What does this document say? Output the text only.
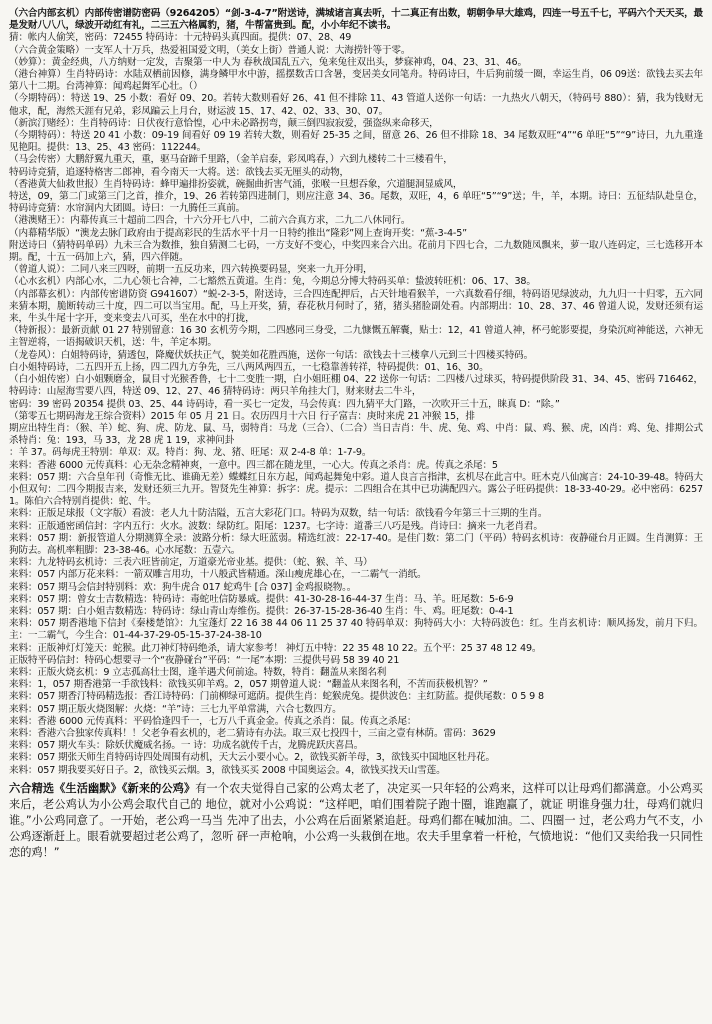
（六合内部玄机）内部传密谱防密码（9264205）“剑-3-4-7”附送诗，满城诸言真去听，十二真正有出数，朝朝争早大雄鸡，四连一号五千七，平码六个天天买，最是发财八八八，绿波开动红有礼，二三五六格属豹，猪，牛帮富贵到。配，小小年纪不读书。

猜：帐内人偷笑，密码：72455 特码诗：十元特码头真四面。提供：07、28、49

（六合黄金策略）一支军人十万兵，热爱祖国爱文明，（美女上街）普通人说：大海捞针等于零。

（妙算）：黄金经典，八方纳财一定发，吉聚第一中人为 春秋战国乱五六，兔来兔往双出头，梦寐神鸡，04、23、31、46。

（港台神算）生肖特码诗：水陆双栖前因修，满身鳞甲水中游，摇摆数舌口含暑，变居美女同笔舟。特码诗曰，牛后狗前缓一圈，幸运生肖，06 09送：欲钱去买去年第八十二期。台湾神算：闻鸡起舞军心壮。（）

（今期特码）：特送 19、25 小数：看好 09、20。若转大数则看好 26、41 但不排除 11、43 管道人送你一句话：一九热火八朝天，（特码号 880）：猜，我为钱财无他求，配，海然天涯有兄弟，彩凤蹁云上月台，财运波 15、17、42、02、33、30、07。

（新滨汀赌经）：生肖特码诗：日伏夜行意恰惶，心中未必路拐弯，颠三倒四寂寂爱，强盗纵来命移天，

（今期特码）：特送 20 41 小数：09-19 间看好 09 19 若转大数，则看好 25-35 之间，留意 26、26 但不排除 18、34 尾数双旺“4”“6 单旺“5”“9”诗曰，九九重逢见艳阳。提供：13、25、43 密码：112244。

（马会传密）大鹏舒翼九重天，重，驱马奋蹄千里路，（金羊启泰，彩凤鸣春，）六到九楼转二十三楼看牛，

特码诗竞猜，追逐特格害二郎神，看今南天一大将。送：欲钱去买无厘头的动物，

（香港黄大仙救世报）生肖特码诗：蜂甲遍排扮姿就，碗掘曲折害气涌，张喉一旦想吞象，穴道腿洞显威风，

特送，09，第二门或第三门之首，推介，19、26 若转第四进制门，则应注意 34、36。尾数，双旺，4，6 单旺“5”“9”送；牛，羊，本期。诗曰：五征结队赴皇仓，特码诗竞猜：水帘洞内大团圆。诗曰：一九腾任三真前。

（港澳赌王）：内幕传真三十超前二四合，十六分开七八中，二前六合真方求，二九二八休同行。

（内幕精华版）“澳龙去脉门政府由于提高彩民的生活水平十月一日特约推出“隆彩”网上查询开奖：“蕉-3-4-5”

附送诗曰（猜特码单码）九未三合为数推，独自猜测二七码，一方支好不变心，中奖四来合六出。花前月下四七合，二九数随凤飘来，萝一取八连码定，三七选移开本期。配，十五一码加上六，猜，四六伴随。

（曾道人说）：二同八来三四呀，前期一五反功来，四六转换要码显，突来一九开分明，

（心水玄机）内部心水，二九心领七合神，二七豁然五黄道。生肖：兔，今期总分博大特码买单：蛰波转旺机：06、17、38。

（内部幕玄机）：内部传密谱防资 G941607）“蜕-2-3-5，附送诗，三合四连配押后，占天针地看猴羊，一六真数看仔细，特码语见绿波动，九九归一十归零，五六同来猜本期，脆断转动三十度，四二可以当宝用。配，马上开奖，猜，春花秋月何时了，猪，猪头猪脸副处看。内部期出：10、28、37、46 曾道人说，发财还须有运来，牛头牛尾十字开，变来变去八可买，坐在水中的打拢，

（特新报）：最新贡献 01 27 特别留意：16 30 玄机劳今期，二四感同三身受，二九慷慨五解囊，贴士：12，41 曾道人神，杯弓蛇影要提，身染沉疴神能送，六神无主智逆将，一语揭破识天机，送：牛，羊定本期。

（龙卷风）：白姐特码诗，猜透包，降魔伏妖扶正气，貌美如花胜西施，送你一句话：欲钱去十三楼拿八元到三十四楼买特码。

白小姐特码诗，二五四开五上扬，四二四九方争先，三八两风两四五，一七稳靠善转祥，特码提供：01、16、30。

（白小姐传密）白小姐颗磨金，鼠目寸光猴香鲁，七十二变胜一期，白小姐旺棚 04、22 送你一句话：二四楼八过球买，特码提供阶段 31、34、45、密码 716462，特码诗：山屋海雪要八四，特送 09、12、27、46 猜特码诗：两只羊角挂大门，财来财去二牛斗，

密码：39 密码 20354 提供 03、25、44 诗码诗，看一买七一定发，马会传真：四九猜平大门路，一次吹开三十五，睐真 D：“除。”

（第零五七期码海龙王综合资料）2015 年 05 月 21 日。农历四月十六日 行子富吉：庚时来虎 21 冲猴 15，排

期应出特生肖：（猴、羊）蛇、狗、虎、防龙、鼠、马，弱特肖：马龙（三合）、（二合）当日吉肖：牛、虎、兔、鸡、中肖：鼠、鸡、猴、虎，凶肖：鸡、兔、排期公式杀特肖：兔：193，马 33，龙 28 虎 1 19，求神问卦

：羊 37。码每虎王特别：单双：双。特肖：狗、龙、猪、旺尾：双 2-4-8 单：1-7-9。

来料：香港 6000 元传真料：心无杂念精神爽，一意中。四三都在随龙里，一心大。传真之杀肖：虎。传真之杀尾：5

来料：057 期：六合皇年刊（奇惟无比、谁确无差）蝶蝶红日东方起，闻鸡起舞兔中彩。道人良言言指津，玄机尽在此言中。旺木克八仙寓言：24-10-39-48。特码大小但双句：二四今期报吉来，发财还须三九开。智贤先生神算：拆字：虎。提示：二四组合在其中已功满配四六。露公子旺码提供：18-33-40-29。必中密码：62571。陈伯六合特别肖提供：蛇、牛。

来料：正版足球报（文字版）看波：老人九十防洁隘，五言大彩花门口。特码为双数，结一句话：欲钱看今年第三十三期的生肖。

来料：正版通密函信封：字内五行：火水。波数：绿防红。阳尾：1237。七字诗：道番三八巧是残。肖诗曰：摘来一九老肖君。

来料：057 期：新报管道人分期测算全录：波路分析：绿大旺蓝弱。精选红波：22-17-40。是佳门数：第二门（平码）特码玄机诗：夜静碰台月正圆。生肖测算：王狗防去。高机率粗脚：23-38-46。心水尾数：五壹六。

来料：九龙特码玄机诗：三表六旺皆前定，万道豪光帝业基。提供：（蛇、猴、羊、马）

来料：057 内部万花来料：一箭双雕言用功，十八般武皆精通。深山瘦虎雄心在，一二霸气一消纸。

来料：057 期马会信封特别料：欢：狗牛虎合 017 蛇鸡牛 [合 037] 金鸡报晓物。。

来料：057 期：曾女士吉数精选：特码诗：毒蛇吐信防暴威。提供：41-30-28-16-44-37 生肖：马、羊。旺尾数：5-6-9

来料：057 期：白小姐吉数精选：特码诗：绿山青山寿维伤。提供：26-37-15-28-36-40 生肖：牛、鸡。旺尾数：0-4-1

来料：057 期香港地下信封《秦楼楚馆》：九宝蓬灯 22 16 38 44 06 11 25 37 40 特码单双：狗特码大小：大特码波色：红。生肖玄机诗：顺风扬发，前月下归。主：一二霸气，今生合：01-44-37-29-05-15-37-24-38-10

来料：正版神灯灯笼天：蛇猴。此刀神灯特码绝杀，请大家参考！ 神灯五中特：22 35 48 10 22。五个平：25 37 48 12 49。

正版特平码信封：特码心想要寻一个“夜静碰台”平码：“一尾”本期：三提供号码 58 39 40 21

来料：正版火烧玄机：9 立志孤高壮士图，逢羊遇犬何前途。特数，特肖：翻盖从来图名利

来料：1，057 期香港第一手欲钱料：欲钱买卯羊鸡。2，057 期曾道人说：“翻盖从来图名利，不苦而获极机智？”

来料：057 期香汀特码精选报：香江诗特码：门前柳绿可遮荫。提供生肖：蛇猴虎兔。提供波色：主红防蓝。提供尾数：0 5 9 8

来料：057 期正版火烧图解：火烧：“羊”诗：三七九平单常满，六合七数四方。

来料：香港 6000 元传真料：平码恰逢四千一，七万八千真金金。传真之杀肖：鼠。传真之杀尾：

来料：香港六合独家传真料！！父老争看玄机的，老二猜诗有办法。取三双七投四十，三亩之壹有林荫。雷码：3629

来料：057 期火车头：除妖伏魔威名扬。一 诗：功成名就传千古，龙腾虎跃庆喜昌。

来料：057 期张天师生肖特码诗四处周围有动机，天大云小要小心。2，欲钱买新羊母，3，欲钱买中国地区牡丹花。

来料：057 期我要买好日子。2，欲钱买云烟。3，欲钱买买 2008 中国奥运会。4，欲钱买找天山雪莲。

六合精选《生活幽默》《新来的公鸡》有一个农夫觉得自己家的公鸡太老了，决定买一只年轻的公鸡来，这样可以让母鸡们都满意。小公鸡买来后，老公鸡认为小公鸡会取代自己的 地位，就对小公鸡说：“这样吧，咱们围着院子跑十圈，谁跑赢了，就证 明谁身强力壮，母鸡们就归谁。”小公鸡同意了。一开始，老公鸡一马当 先冲了出去，小公鸡在后面紧紧追赶。母鸡们都在喊加油。二、四圈一 过，老公鸡力气不支，小公鸡逐渐赶上。眼看就要超过老公鸡了，忽听 砰一声枪响，小公鸡一头栽倒在地。农夫手里拿着一杆枪，气愤地说：“他们又卖给我一只同性恋的鸡！”
